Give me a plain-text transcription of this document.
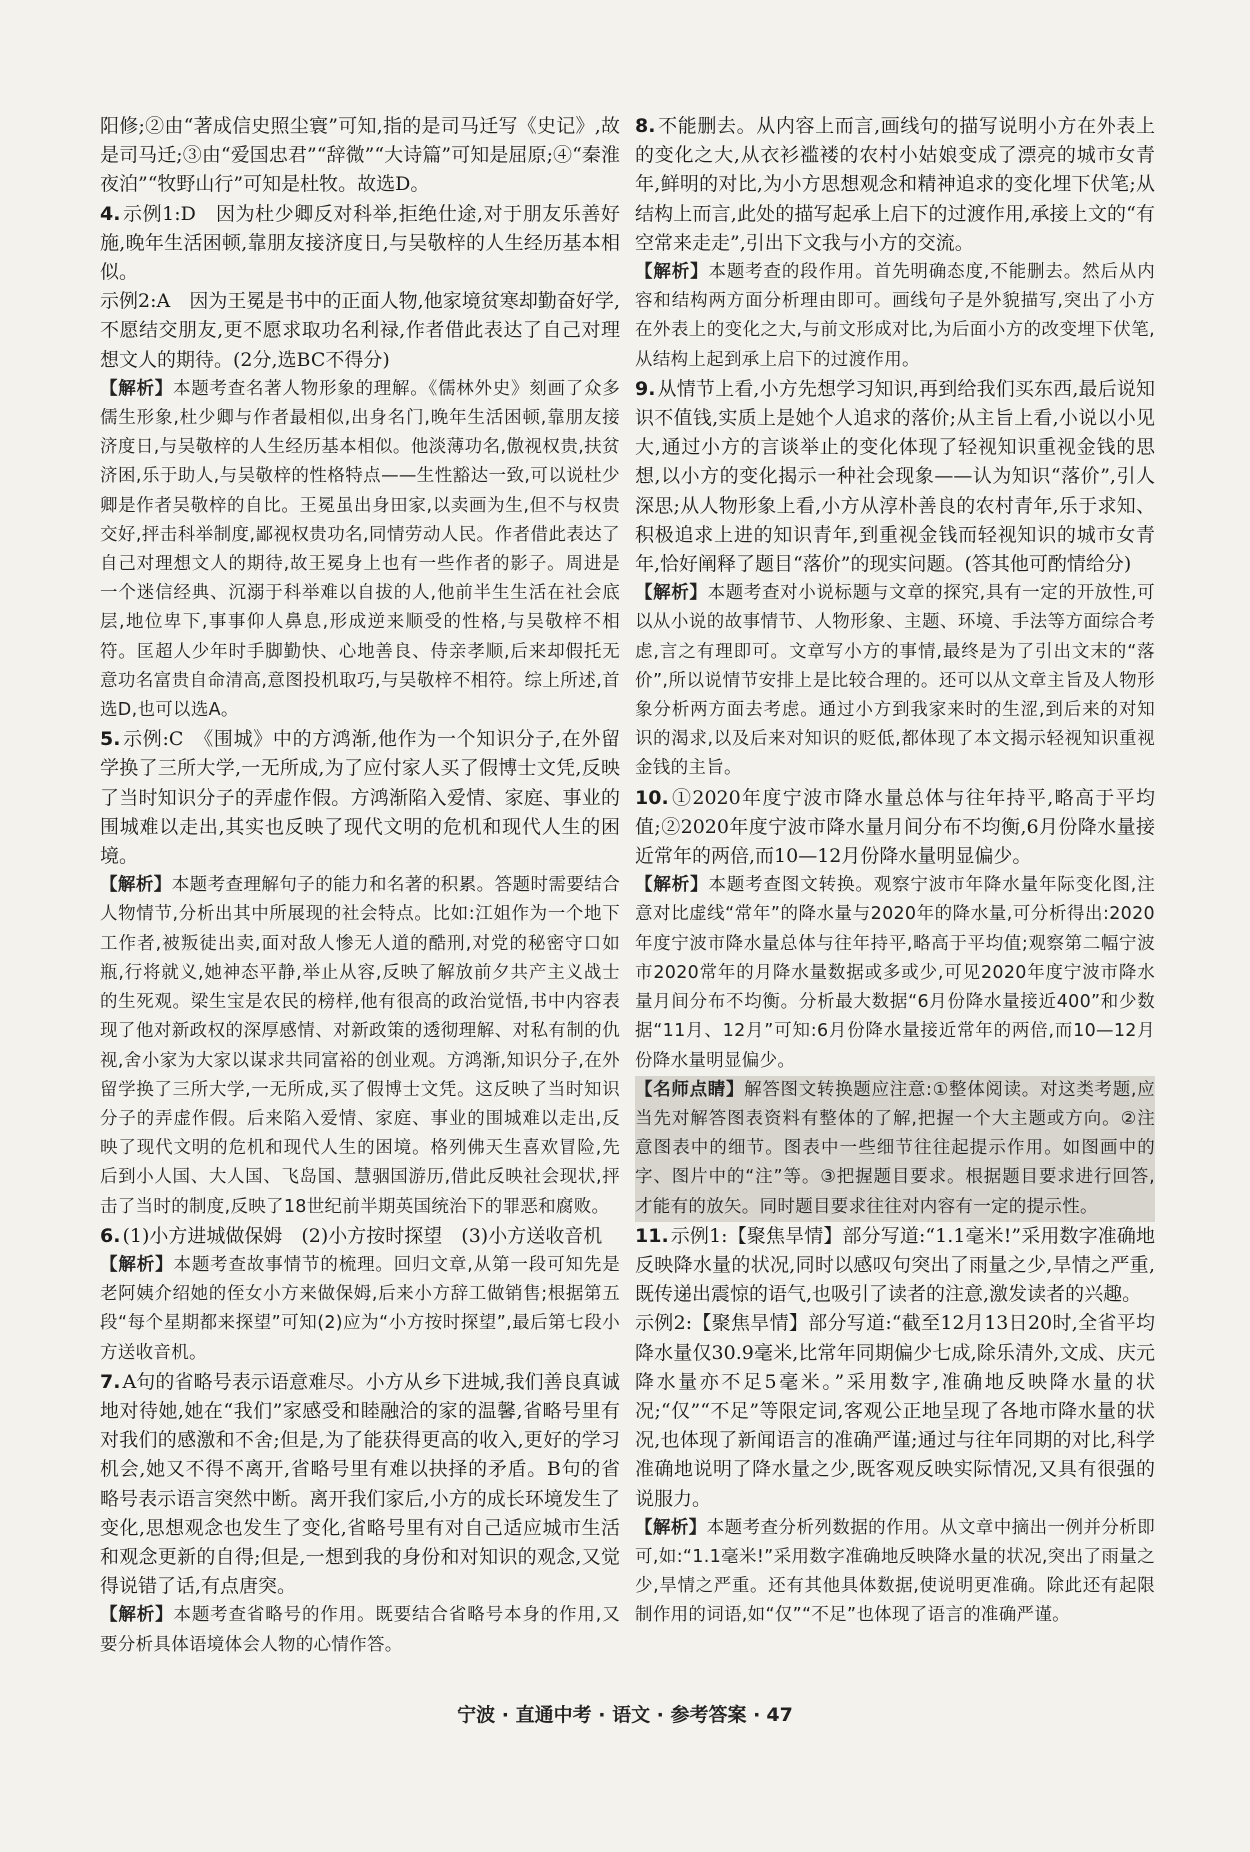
阳修;②由“著成信史照尘寰”可知,指的是司马迁写《史记》,故是司马迁;③由“爱国忠君”“辞微”“大诗篇”可知是屈原;④“秦淮夜泊”“牧野山行”可知是杜牧。故选D。

4. 示例1:D　因为杜少卿反对科举,拒绝仕途,对于朋友乐善好施,晚年生活困顿,靠朋友接济度日,与吴敬梓的人生经历基本相似。

示例2:A　因为王冕是书中的正面人物,他家境贫寒却勤奋好学,不愿结交朋友,更不愿求取功名利禄,作者借此表达了自己对理想文人的期待。(2分,选BC不得分)

【解析】本题考查名著人物形象的理解。《儒林外史》刻画了众多儒生形象,杜少卿与作者最相似,出身名门,晚年生活困顿,靠朋友接济度日,与吴敬梓的人生经历基本相似。他淡薄功名,傲视权贵,扶贫济困,乐于助人,与吴敬梓的性格特点——生性豁达一致,可以说杜少卿是作者吴敬梓的自比。王冕虽出身田家,以卖画为生,但不与权贵交好,抨击科举制度,鄙视权贵功名,同情劳动人民。作者借此表达了自己对理想文人的期待,故王冕身上也有一些作者的影子。周进是一个迷信经典、沉溺于科举难以自拔的人,他前半生生活在社会底层,地位卑下,事事仰人鼻息,形成逆来顺受的性格,与吴敬梓不相符。匡超人少年时手脚勤快、心地善良、侍亲孝顺,后来却假托无意功名富贵自命清高,意图投机取巧,与吴敬梓不相符。综上所述,首选D,也可以选A。

5. 示例:C　《围城》中的方鸿渐,他作为一个知识分子,在外留学换了三所大学,一无所成,为了应付家人买了假博士文凭,反映了当时知识分子的弄虚作假。方鸿渐陷入爱情、家庭、事业的围城难以走出,其实也反映了现代文明的危机和现代人生的困境。

【解析】本题考查理解句子的能力和名著的积累。答题时需要结合人物情节,分析出其中所展现的社会特点。比如:江姐作为一个地下工作者,被叛徒出卖,面对敌人惨无人道的酷刑,对党的秘密守口如瓶,行将就义,她神态平静,举止从容,反映了解放前夕共产主义战士的生死观。梁生宝是农民的榜样,他有很高的政治觉悟,书中内容表现了他对新政权的深厚感情、对新政策的透彻理解、对私有制的仇视,舍小家为大家以谋求共同富裕的创业观。方鸿渐,知识分子,在外留学换了三所大学,一无所成,买了假博士文凭。这反映了当时知识分子的弄虚作假。后来陷入爱情、家庭、事业的围城难以走出,反映了现代文明的危机和现代人生的困境。格列佛天生喜欢冒险,先后到小人国、大人国、飞岛国、慧骃国游历,借此反映社会现状,抨击了当时的制度,反映了18世纪前半期英国统治下的罪恶和腐败。

6. (1)小方进城做保姆　(2)小方按时探望　(3)小方送收音机

【解析】本题考查故事情节的梳理。回归文章,从第一段可知先是老阿姨介绍她的侄女小方来做保姆,后来小方辞工做销售;根据第五段“每个星期都来探望”可知(2)应为“小方按时探望”,最后第七段小方送收音机。

7. A句的省略号表示语意难尽。小方从乡下进城,我们善良真诚地对待她,她在“我们”家感受和睦融洽的家的温馨,省略号里有对我们的感激和不舍;但是,为了能获得更高的收入,更好的学习机会,她又不得不离开,省略号里有难以抉择的矛盾。B句的省略号表示语言突然中断。离开我们家后,小方的成长环境发生了变化,思想观念也发生了变化,省略号里有对自己适应城市生活和观念更新的自得;但是,一想到我的身份和对知识的观念,又觉得说错了话,有点唐突。

【解析】本题考查省略号的作用。既要结合省略号本身的作用,又要分析具体语境体会人物的心情作答。

8. 不能删去。从内容上而言,画线句的描写说明小方在外表上的变化之大,从衣衫褴褛的农村小姑娘变成了漂亮的城市女青年,鲜明的对比,为小方思想观念和精神追求的变化埋下伏笔;从结构上而言,此处的描写起承上启下的过渡作用,承接上文的“有空常来走走”,引出下文我与小方的交流。

【解析】本题考查的段作用。首先明确态度,不能删去。然后从内容和结构两方面分析理由即可。画线句子是外貌描写,突出了小方在外表上的变化之大,与前文形成对比,为后面小方的改变埋下伏笔,从结构上起到承上启下的过渡作用。

9. 从情节上看,小方先想学习知识,再到给我们买东西,最后说知识不值钱,实质上是她个人追求的落价;从主旨上看,小说以小见大,通过小方的言谈举止的变化体现了轻视知识重视金钱的思想,以小方的变化揭示一种社会现象——认为知识“落价”,引人深思;从人物形象上看,小方从淳朴善良的农村青年,乐于求知、积极追求上进的知识青年,到重视金钱而轻视知识的城市女青年,恰好阐释了题目“落价”的现实问题。(答其他可酌情给分)

【解析】本题考查对小说标题与文章的探究,具有一定的开放性,可以从小说的故事情节、人物形象、主题、环境、手法等方面综合考虑,言之有理即可。文章写小方的事情,最终是为了引出文末的“落价”,所以说情节安排上是比较合理的。还可以从文章主旨及人物形象分析两方面去考虑。通过小方到我家来时的生涩,到后来的对知识的渴求,以及后来对知识的贬低,都体现了本文揭示轻视知识重视金钱的主旨。

10. ①2020年度宁波市降水量总体与往年持平,略高于平均值;②2020年度宁波市降水量月间分布不均衡,6月份降水量接近常年的两倍,而10—12月份降水量明显偏少。

【解析】本题考查图文转换。观察宁波市年降水量年际变化图,注意对比虚线“常年”的降水量与2020年的降水量,可分析得出:2020年度宁波市降水量总体与往年持平,略高于平均值;观察第二幅宁波市2020常年的月降水量数据或多或少,可见2020年度宁波市降水量月间分布不均衡。分析最大数据“6月份降水量接近400”和少数据“11月、12月”可知:6月份降水量接近常年的两倍,而10—12月份降水量明显偏少。

【名师点睛】解答图文转换题应注意:①整体阅读。对这类考题,应当先对解答图表资料有整体的了解,把握一个大主题或方向。②注意图表中的细节。图表中一些细节往往起提示作用。如图画中的字、图片中的“注”等。③把握题目要求。根据题目要求进行回答,才能有的放矢。同时题目要求往往对内容有一定的提示性。

11. 示例1:【聚焦旱情】部分写道:“1.1毫米!”采用数字准确地反映降水量的状况,同时以感叹句突出了雨量之少,旱情之严重,既传递出震惊的语气,也吸引了读者的注意,激发读者的兴趣。

示例2:【聚焦旱情】部分写道:“截至12月13日20时,全省平均降水量仅30.9毫米,比常年同期偏少七成,除乐清外,文成、庆元降水量亦不足5毫米。”采用数字,准确地反映降水量的状况;“仅”“不足”等限定词,客观公正地呈现了各地市降水量的状况,也体现了新闻语言的准确严谨;通过与往年同期的对比,科学准确地说明了降水量之少,既客观反映实际情况,又具有很强的说服力。

【解析】本题考查分析列数据的作用。从文章中摘出一例并分析即可,如:“1.1毫米!”采用数字准确地反映降水量的状况,突出了雨量之少,旱情之严重。还有其他具体数据,使说明更准确。除此还有起限制作用的词语,如“仅”“不足”也体现了语言的准确严谨。

宁波 · 直通中考 · 语文 · 参考答案 · 47
